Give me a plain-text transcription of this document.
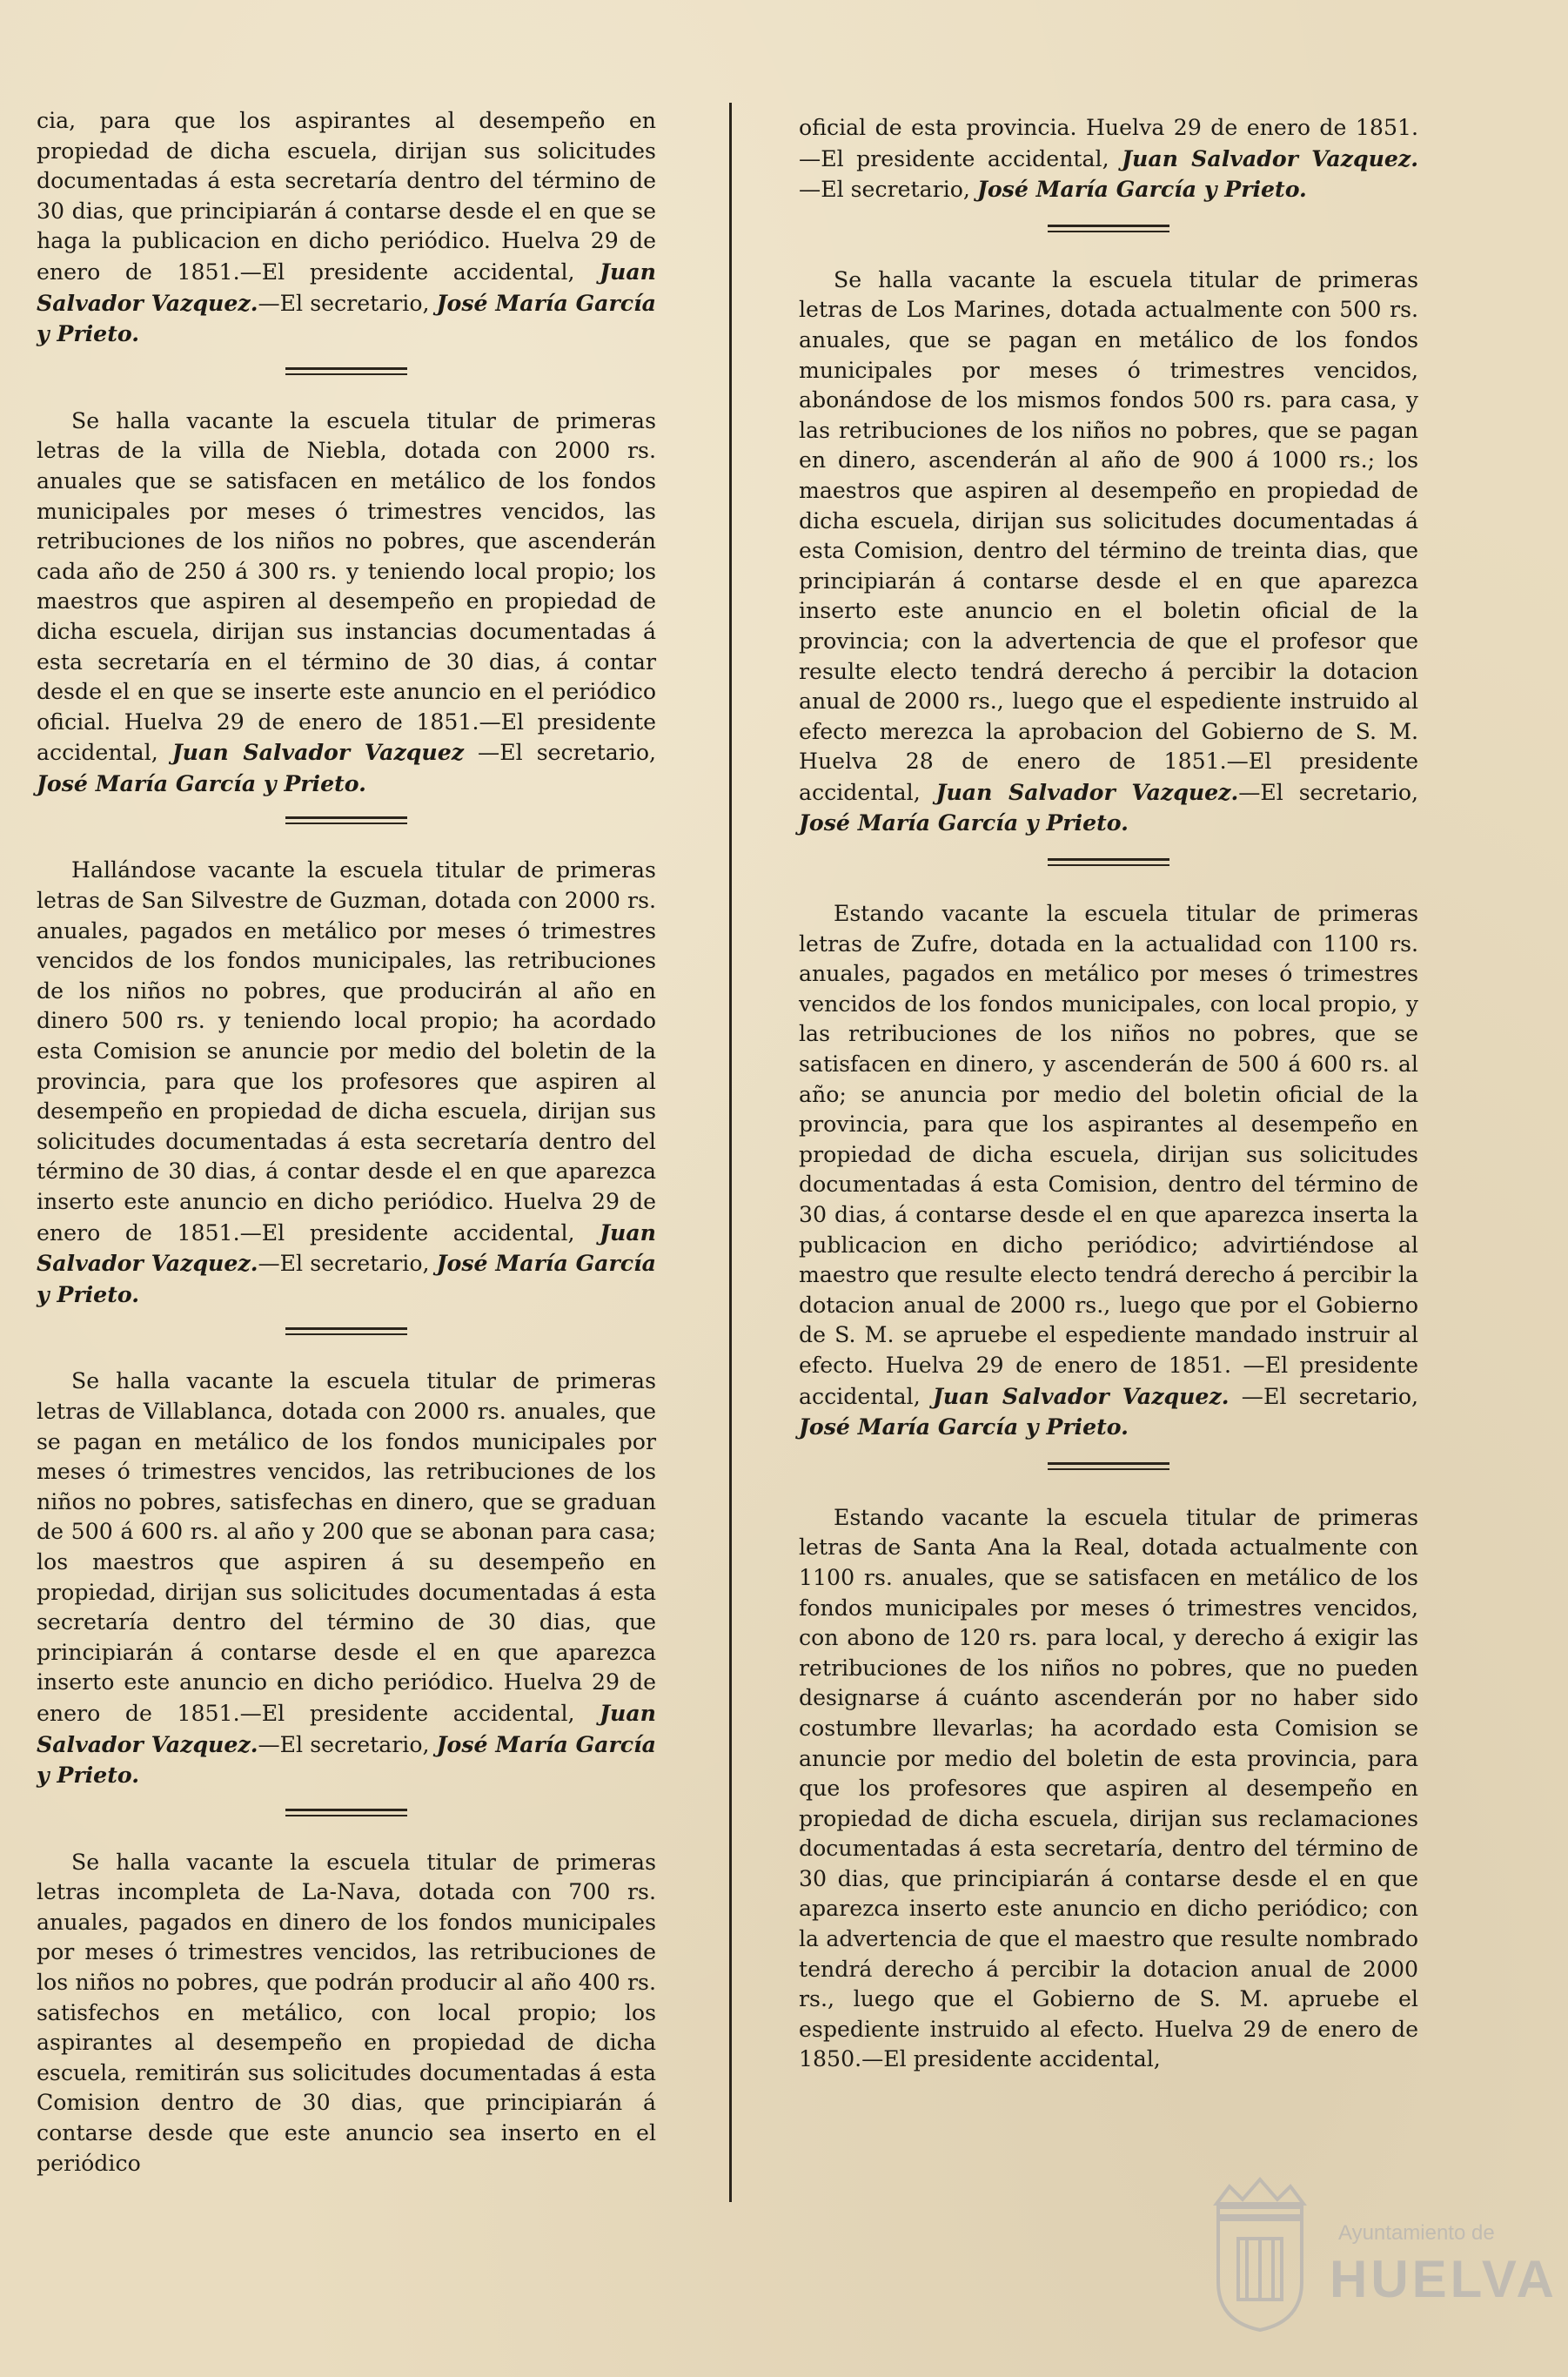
cia, para que los aspirantes al desempeño en propiedad de dicha escuela, dirijan sus solicitudes documentadas á esta secretaría dentro del término de 30 dias, que principiarán á contarse desde el en que se haga la publicacion en dicho periódico. Huelva 29 de enero de 1851.—El presidente accidental, Juan Salvador Vazquez.—El secretario, José María García y Prieto.

Se halla vacante la escuela titular de primeras letras de la villa de Niebla, dotada con 2000 rs. anuales que se satisfacen en metálico de los fondos municipales por meses ó trimestres vencidos, las retribuciones de los niños no pobres, que ascenderán cada año de 250 á 300 rs. y teniendo local propio; los maestros que aspiren al desempeño en propiedad de dicha escuela, dirijan sus instancias documentadas á esta secretaría en el término de 30 dias, á contar desde el en que se inserte este anuncio en el periódico oficial. Huelva 29 de enero de 1851.—El presidente accidental, Juan Salvador Vazquez —El secretario, José María García y Prieto.

Hallándose vacante la escuela titular de primeras letras de San Silvestre de Guzman, dotada con 2000 rs. anuales, pagados en metálico por meses ó trimestres vencidos de los fondos municipales, las retribuciones de los niños no pobres, que producirán al año en dinero 500 rs. y teniendo local propio; ha acordado esta Comision se anuncie por medio del boletin de la provincia, para que los profesores que aspiren al desempeño en propiedad de dicha escuela, dirijan sus solicitudes documentadas á esta secretaría dentro del término de 30 dias, á contar desde el en que aparezca inserto este anuncio en dicho periódico. Huelva 29 de enero de 1851.—El presidente accidental, Juan Salvador Vazquez.—El secretario, José María García y Prieto.

Se halla vacante la escuela titular de primeras letras de Villablanca, dotada con 2000 rs. anuales, que se pagan en metálico de los fondos municipales por meses ó trimestres vencidos, las retribuciones de los niños no pobres, satisfechas en dinero, que se graduan de 500 á 600 rs. al año y 200 que se abonan para casa; los maestros que aspiren á su desempeño en propiedad, dirijan sus solicitudes documentadas á esta secretaría dentro del término de 30 dias, que principiarán á contarse desde el en que aparezca inserto este anuncio en dicho periódico. Huelva 29 de enero de 1851.—El presidente accidental, Juan Salvador Vazquez.—El secretario, José María García y Prieto.

Se halla vacante la escuela titular de primeras letras incompleta de La-Nava, dotada con 700 rs. anuales, pagados en dinero de los fondos municipales por meses ó trimestres vencidos, las retribuciones de los niños no pobres, que podrán producir al año 400 rs. satisfechos en metálico, con local propio; los aspirantes al desempeño en propiedad de dicha escuela, remitirán sus solicitudes documentadas á esta Comision dentro de 30 dias, que principiarán á contarse desde que este anuncio sea inserto en el periódico

oficial de esta provincia. Huelva 29 de enero de 1851. —El presidente accidental, Juan Salvador Vazquez. —El secretario, José María García y Prieto.

Se halla vacante la escuela titular de primeras letras de Los Marines, dotada actualmente con 500 rs. anuales, que se pagan en metálico de los fondos municipales por meses ó trimestres vencidos, abonándose de los mismos fondos 500 rs. para casa, y las retribuciones de los niños no pobres, que se pagan en dinero, ascenderán al año de 900 á 1000 rs.; los maestros que aspiren al desempeño en propiedad de dicha escuela, dirijan sus solicitudes documentadas á esta Comision, dentro del término de treinta dias, que principiarán á contarse desde el en que aparezca inserto este anuncio en el boletin oficial de la provincia; con la advertencia de que el profesor que resulte electo tendrá derecho á percibir la dotacion anual de 2000 rs., luego que el espediente instruido al efecto merezca la aprobacion del Gobierno de S. M. Huelva 28 de enero de 1851.—El presidente accidental, Juan Salvador Vazquez.—El secretario, José María García y Prieto.

Estando vacante la escuela titular de primeras letras de Zufre, dotada en la actualidad con 1100 rs. anuales, pagados en metálico por meses ó trimestres vencidos de los fondos municipales, con local propio, y las retribuciones de los niños no pobres, que se satisfacen en dinero, y ascenderán de 500 á 600 rs. al año; se anuncia por medio del boletin oficial de la provincia, para que los aspirantes al desempeño en propiedad de dicha escuela, dirijan sus solicitudes documentadas á esta Comision, dentro del término de 30 dias, á contarse desde el en que aparezca inserta la publicacion en dicho periódico; advirtiéndose al maestro que resulte electo tendrá derecho á percibir la dotacion anual de 2000 rs., luego que por el Gobierno de S. M. se apruebe el espediente mandado instruir al efecto. Huelva 29 de enero de 1851. —El presidente accidental, Juan Salvador Vazquez. —El secretario, José María García y Prieto.

Estando vacante la escuela titular de primeras letras de Santa Ana la Real, dotada actualmente con 1100 rs. anuales, que se satisfacen en metálico de los fondos municipales por meses ó trimestres vencidos, con abono de 120 rs. para local, y derecho á exigir las retribuciones de los niños no pobres, que no pueden designarse á cuánto ascenderán por no haber sido costumbre llevarlas; ha acordado esta Comision se anuncie por medio del boletin de esta provincia, para que los profesores que aspiren al desempeño en propiedad de dicha escuela, dirijan sus reclamaciones documentadas á esta secretaría, dentro del término de 30 dias, que principiarán á contarse desde el en que aparezca inserto este anuncio en dicho periódico; con la advertencia de que el maestro que resulte nombrado tendrá derecho á percibir la dotacion anual de 2000 rs., luego que el Gobierno de S. M. apruebe el espediente instruido al efecto. Huelva 29 de enero de 1850.—El presidente accidental,

Ayuntamiento de
HUELVA
